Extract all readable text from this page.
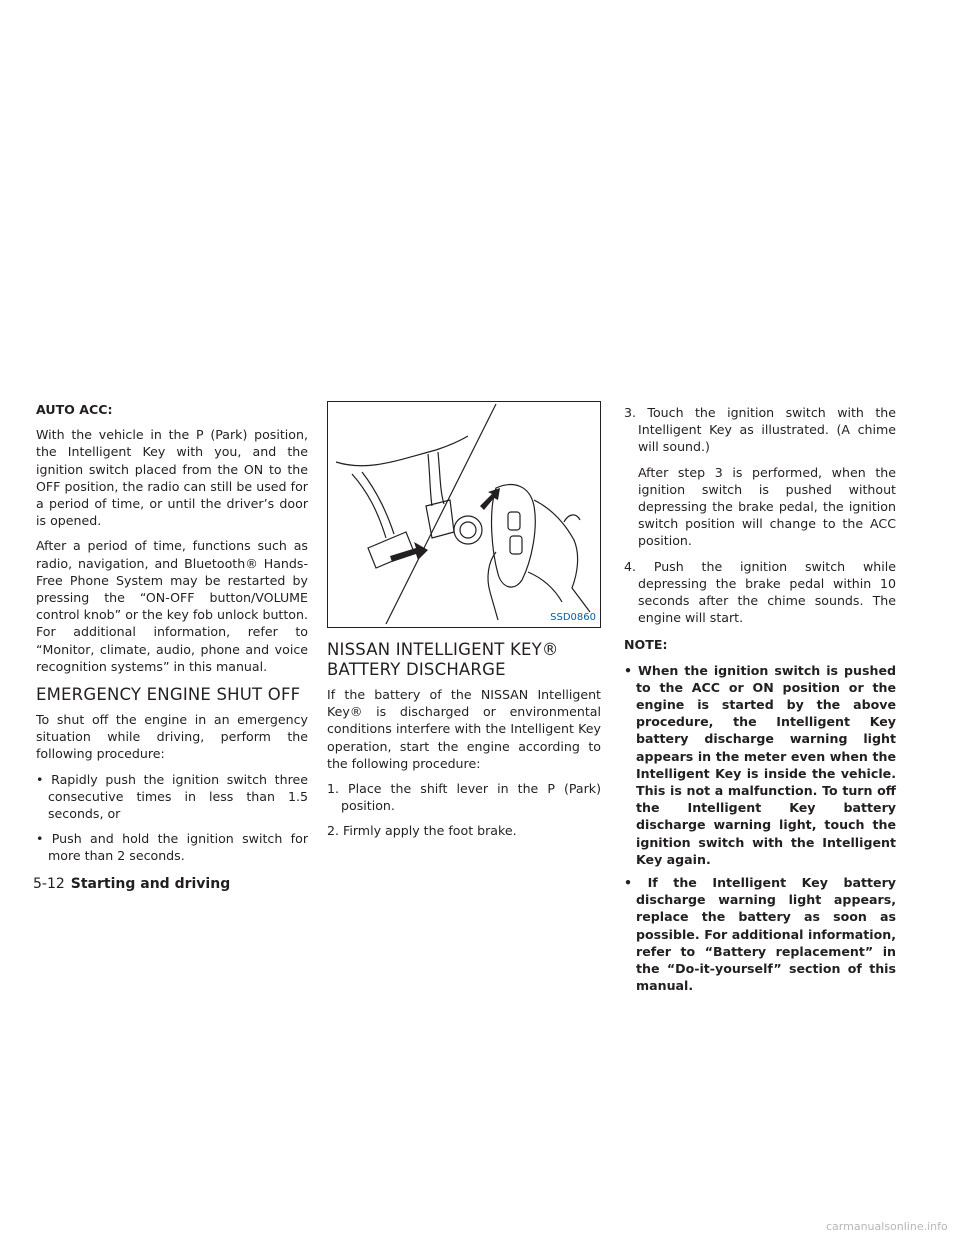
AUTO ACC:

With the vehicle in the P (Park) position, the Intelligent Key with you, and the ignition switch placed from the ON to the OFF position, the radio can still be used for a period of time, or until the driver’s door is opened.

After a period of time, functions such as radio, navigation, and Bluetooth® Hands-Free Phone System may be restarted by pressing the “ON-OFF button/VOLUME control knob” or the key fob unlock button. For additional information, refer to “Monitor, climate, audio, phone and voice recognition systems” in this manual.

EMERGENCY ENGINE SHUT OFF

To shut off the engine in an emergency situation while driving, perform the following procedure:

• Rapidly push the ignition switch three consecutive times in less than 1.5 seconds, or
• Push and hold the ignition switch for more than 2 seconds.
SSD0860
NISSAN INTELLIGENT KEY®
BATTERY DISCHARGE

If the battery of the NISSAN Intelligent Key® is discharged or environmental conditions interfere with the Intelligent Key operation, start the engine according to the following procedure:

1. Place the shift lever in the P (Park) position.
2. Firmly apply the foot brake.
3. Touch the ignition switch with the Intelligent Key as illustrated. (A chime will sound.)

After step 3 is performed, when the ignition switch is pushed without depressing the brake pedal, the ignition switch position will change to the ACC position.

4. Push the ignition switch while depressing the brake pedal within 10 seconds after the chime sounds. The engine will start.
NOTE:
• When the ignition switch is pushed to the ACC or ON position or the engine is started by the above procedure, the Intelligent Key battery discharge warning light appears in the meter even when the Intelligent Key is inside the vehicle. This is not a malfunction. To turn off the Intelligent Key battery discharge warning light, touch the ignition switch with the Intelligent Key again.
• If the Intelligent Key battery discharge warning light appears, replace the battery as soon as possible. For additional information, refer to “Battery replacement” in the “Do-it-yourself” section of this manual.
5-12 Starting and driving
carmanualsonline.info
